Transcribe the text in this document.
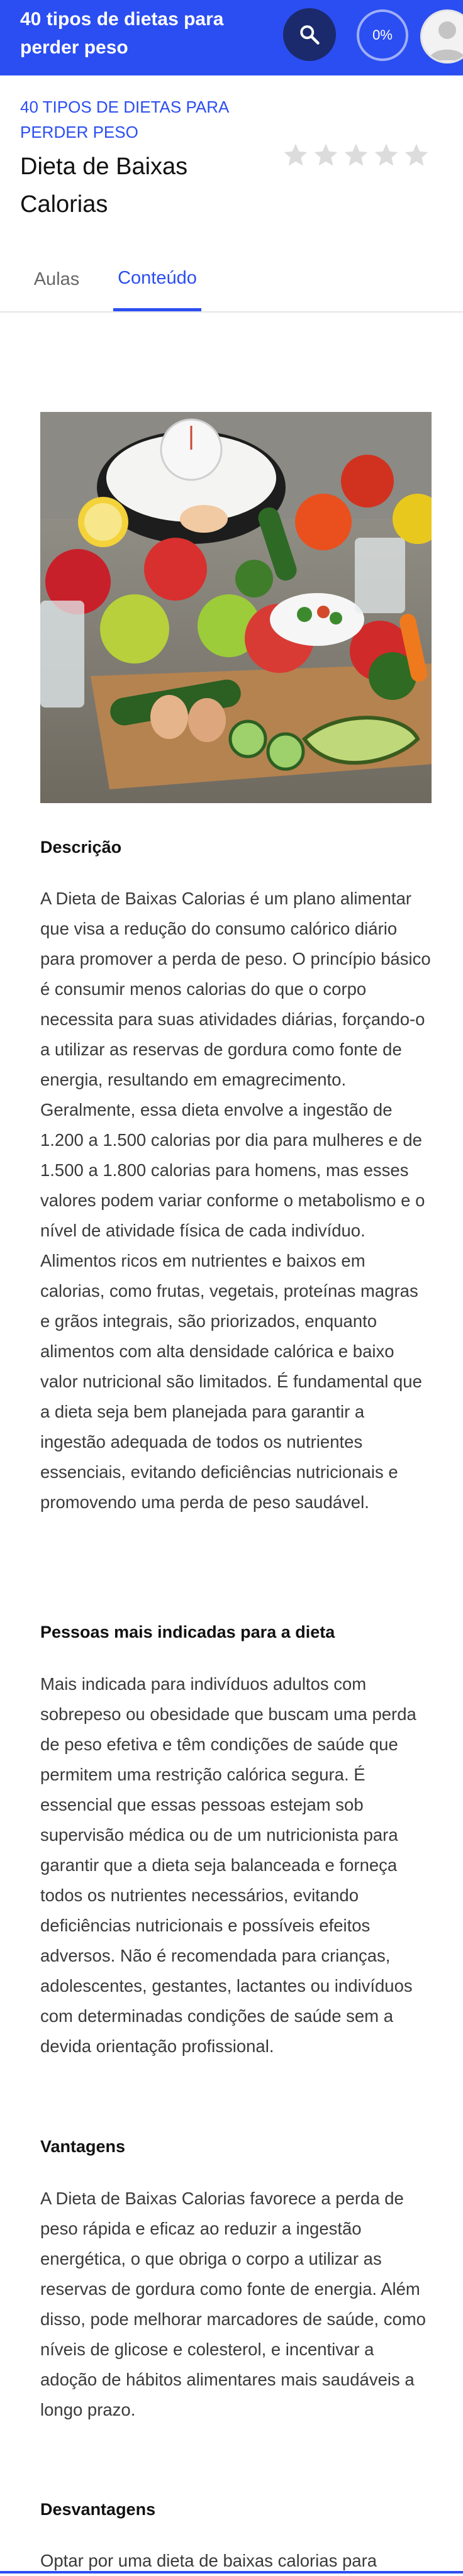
40 tipos de dietas para perder peso
0%
40 TIPOS DE DIETAS PARA PERDER PESO
Dieta de Baixas Calorias
Aulas Conteúdo
Descrição
A Dieta de Baixas Calorias é um plano alimentar que visa a redução do consumo calórico diário para promover a perda de peso. O princípio básico é consumir menos calorias do que o corpo necessita para suas atividades diárias, forçando-o a utilizar as reservas de gordura como fonte de energia, resultando em emagrecimento. Geralmente, essa dieta envolve a ingestão de 1.200 a 1.500 calorias por dia para mulheres e de 1.500 a 1.800 calorias para homens, mas esses valores podem variar conforme o metabolismo e o nível de atividade física de cada indivíduo. Alimentos ricos em nutrientes e baixos em calorias, como frutas, vegetais, proteínas magras e grãos integrais, são priorizados, enquanto alimentos com alta densidade calórica e baixo valor nutricional são limitados. É fundamental que a dieta seja bem planejada para garantir a ingestão adequada de todos os nutrientes essenciais, evitando deficiências nutricionais e promovendo uma perda de peso saudável.
Pessoas mais indicadas para a dieta
Mais indicada para indivíduos adultos com sobrepeso ou obesidade que buscam uma perda de peso efetiva e têm condições de saúde que permitem uma restrição calórica segura. É essencial que essas pessoas estejam sob supervisão médica ou de um nutricionista para garantir que a dieta seja balanceada e forneça todos os nutrientes necessários, evitando deficiências nutricionais e possíveis efeitos adversos. Não é recomendada para crianças, adolescentes, gestantes, lactantes ou indivíduos com determinadas condições de saúde sem a devida orientação profissional.
Vantagens
A Dieta de Baixas Calorias favorece a perda de peso rápida e eficaz ao reduzir a ingestão energética, o que obriga o corpo a utilizar as reservas de gordura como fonte de energia. Além disso, pode melhorar marcadores de saúde, como níveis de glicose e colesterol, e incentivar a adoção de hábitos alimentares mais saudáveis a longo prazo.
Desvantagens
Optar por uma dieta de baixas calorias para
